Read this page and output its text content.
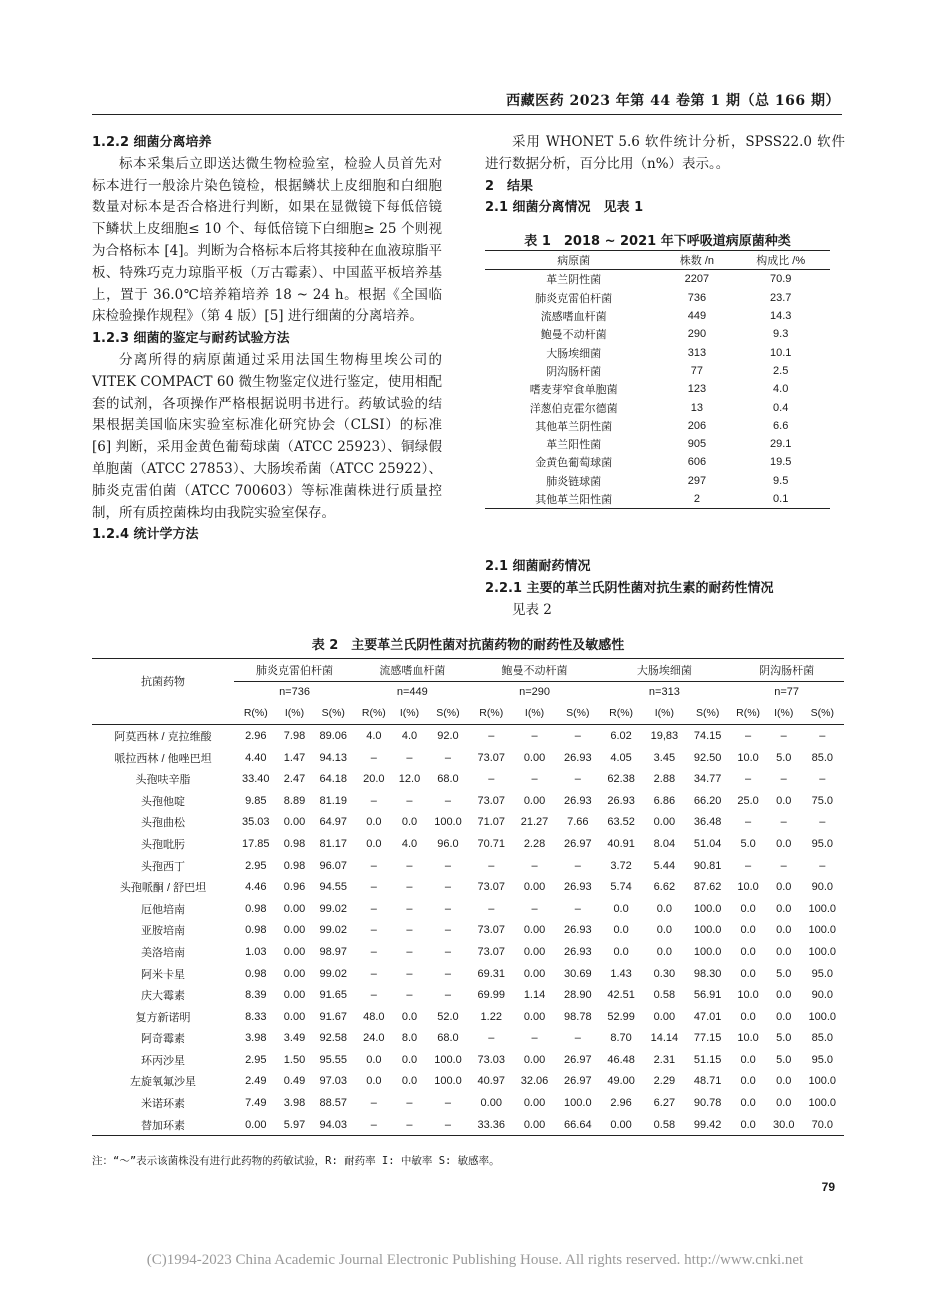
西藏医药 2023 年第 44 卷第 1 期（总 166 期）

1.2.2 细菌分离培养

标本采集后立即送达微生物检验室，检验人员首先对标本进行一般涂片染色镜检，根据鳞状上皮细胞和白细胞数量对标本是否合格进行判断，如果在显微镜下每低倍镜下鳞状上皮细胞≤ 10 个、每低倍镜下白细胞≥ 25 个则视为合格标本 [4]。判断为合格标本后将其接种在血液琼脂平板、特殊巧克力琼脂平板（万古霉素）、中国蓝平板培养基上，置于 36.0℃培养箱培养 18 ~ 24 h。根据《全国临床检验操作规程》（第 4 版）[5] 进行细菌的分离培养。

1.2.3 细菌的鉴定与耐药试验方法

分离所得的病原菌通过采用法国生物梅里埃公司的 VITEK COMPACT 60 微生物鉴定仪进行鉴定，使用相配套的试剂，各项操作严格根据说明书进行。药敏试验的结果根据美国临床实验室标准化研究协会（CLSI）的标准 [6] 判断，采用金黄色葡萄球菌（ATCC 25923）、铜绿假单胞菌（ATCC 27853）、大肠埃希菌（ATCC 25922）、肺炎克雷伯菌（ATCC 700603）等标准菌株进行质量控制，所有质控菌株均由我院实验室保存。

1.2.4 统计学方法

采用 WHONET 5.6 软件统计分析，SPSS22.0 软件进行数据分析，百分比用（n%）表示。。

2　结果

2.1 细菌分离情况　见表 1

表 1　2018 ~ 2021 年下呼吸道病原菌种类
病原菌	株数 /n	构成比 /%
革兰阴性菌	2207	70.9
肺炎克雷伯杆菌	736	23.7
流感嗜血杆菌	449	14.3
鲍曼不动杆菌	290	9.3
大肠埃细菌	313	10.1
阴沟肠杆菌	77	2.5
嗜麦芽窄食单胞菌	123	4.0
洋葱伯克霍尔德菌	13	0.4
其他革兰阴性菌	206	6.6
革兰阳性菌	905	29.1
金黄色葡萄球菌	606	19.5
肺炎链球菌	297	9.5
其他革兰阳性菌	2	0.1

2.1 细菌耐药情况

2.2.1 主要的革兰氏阴性菌对抗生素的耐药性情况

见表 2

表 2　主要革兰氏阴性菌对抗菌药物的耐药性及敏感性
抗菌药物	肺炎克雷伯杆菌			流感嗜血杆菌			鲍曼不动杆菌			大肠埃细菌			阴沟肠杆菌		
	n=736			n=449			n=290			n=313			n=77		
	R(%)	I(%)	S(%)	R(%)	I(%)	S(%)	R(%)	I(%)	S(%)	R(%)	I(%)	S(%)	R(%)	I(%)	S(%)
阿莫西林 / 克拉维酸	2.96	7.98	89.06	4.0	4.0	92.0	–	–	–	6.02	19,83	74.15	–	–	–
哌拉西林 / 他唑巴坦	4.40	1.47	94.13	–	–	–	73.07	0.00	26.93	4.05	3.45	92.50	10.0	5.0	85.0
头孢呋辛脂	33.40	2.47	64.18	20.0	12.0	68.0	–	–	–	62.38	2.88	34.77	–	–	–
头孢他啶	9.85	8.89	81.19	–	–	–	73.07	0.00	26.93	26.93	6.86	66.20	25.0	0.0	75.0
头孢曲松	35.03	0.00	64.97	0.0	0.0	100.0	71.07	21.27	7.66	63.52	0.00	36.48	–	–	–
头孢吡肟	17.85	0.98	81.17	0.0	4.0	96.0	70.71	2.28	26.97	40.91	8.04	51.04	5.0	0.0	95.0
头孢西丁	2.95	0.98	96.07	–	–	–	–	–	–	3.72	5.44	90.81	–	–	–
头孢哌酮 / 舒巴坦	4.46	0.96	94.55	–	–	–	73.07	0.00	26.93	5.74	6.62	87.62	10.0	0.0	90.0
厄他培南	0.98	0.00	99.02	–	–	–	–	–	–	0.0	0.0	100.0	0.0	0.0	100.0
亚胺培南	0.98	0.00	99.02	–	–	–	73.07	0.00	26.93	0.0	0.0	100.0	0.0	0.0	100.0
美洛培南	1.03	0.00	98.97	–	–	–	73.07	0.00	26.93	0.0	0.0	100.0	0.0	0.0	100.0
阿米卡星	0.98	0.00	99.02	–	–	–	69.31	0.00	30.69	1.43	0.30	98.30	0.0	5.0	95.0
庆大霉素	8.39	0.00	91.65	–	–	–	69.99	1.14	28.90	42.51	0.58	56.91	10.0	0.0	90.0
复方新诺明	8.33	0.00	91.67	48.0	0.0	52.0	1.22	0.00	98.78	52.99	0.00	47.01	0.0	0.0	100.0
阿奇霉素	3.98	3.49	92.58	24.0	8.0	68.0	–	–	–	8.70	14.14	77.15	10.0	5.0	85.0
环丙沙星	2.95	1.50	95.55	0.0	0.0	100.0	73.03	0.00	26.97	46.48	2.31	51.15	0.0	5.0	95.0
左旋氧氟沙星	2.49	0.49	97.03	0.0	0.0	100.0	40.97	32.06	26.97	49.00	2.29	48.71	0.0	0.0	100.0
米诺环素	7.49	3.98	88.57	–	–	–	0.00	0.00	100.0	2.96	6.27	90.78	0.0	0.0	100.0
替加环素	0.00	5.97	94.03	–	–	–	33.36	0.00	66.64	0.00	0.58	99.42	0.0	30.0	70.0
注：“～”表示该菌株没有进行此药物的药敏试验，R: 耐药率 I: 中敏率 S: 敏感率。
79
(C)1994-2023 China Academic Journal Electronic Publishing House. All rights reserved. http://www.cnki.net
